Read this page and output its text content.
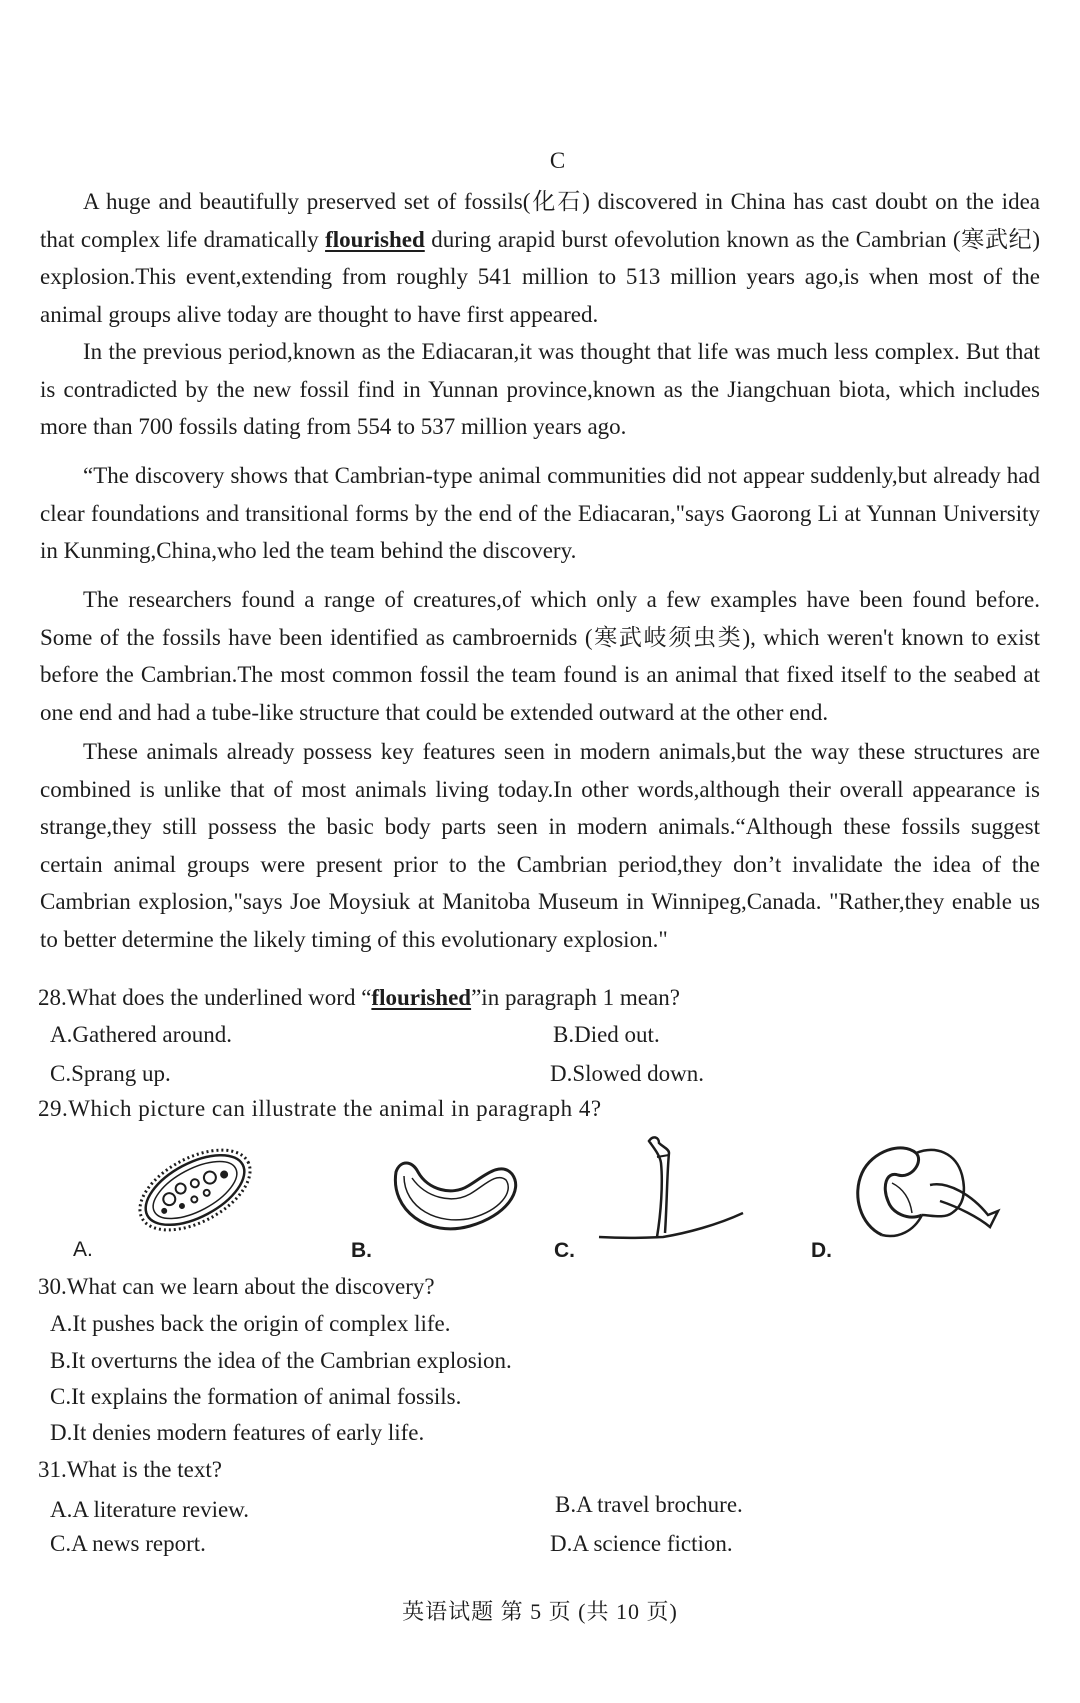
C
A huge and beautifully preserved set of fossils(化石) discovered in China has cast doubt on the idea that complex life dramatically flourished during arapid burst ofevolution known as the Cambrian (寒武纪) explosion.This event,extending from roughly 541 million to 513 million years ago,is when most of the animal groups alive today are thought to have first appeared.
In the previous period,known as the Ediacaran,it was thought that life was much less complex. But that is contradicted by the new fossil find in Yunnan province,known as the Jiangchuan biota, which includes more than 700 fossils dating from 554 to 537 million years ago.
“The discovery shows that Cambrian-type animal communities did not appear suddenly,but already had clear foundations and transitional forms by the end of the Ediacaran,"says Gaorong Li at Yunnan University in Kunming,China,who led the team behind the discovery.
The researchers found a range of creatures,of which only a few examples have been found before. Some of the fossils have been identified as cambroernids (寒武岐须虫类), which weren't known to exist before the Cambrian.The most common fossil the team found is an animal that fixed itself to the seabed at one end and had a tube-like structure that could be extended outward at the other end.
These animals already possess key features seen in modern animals,but the way these structures are combined is unlike that of most animals living today.In other words,although their overall appearance is strange,they still possess the basic body parts seen in modern animals.“Although these fossils suggest certain animal groups were present prior to the Cambrian period,they don’t invalidate the idea of the Cambrian explosion,"says Joe Moysiuk at Manitoba Museum in Winnipeg,Canada. "Rather,they enable us to better determine the likely timing of this evolutionary explosion."
28.What does the underlined word “flourished”in paragraph 1 mean?
A.Gathered around.	B.Died out.
C.Sprang up.	D.Slowed down.
29.Which picture can illustrate the animal in paragraph 4?
A.	B.	C.	D.
30.What can we learn about the discovery?
A.It pushes back the origin of complex life.
B.It overturns the idea of the Cambrian explosion.
C.It explains the formation of animal fossils.
D.It denies modern features of early life.
31.What is the text?
A.A literature review.	B.A travel brochure.
C.A news report.	D.A science fiction.
英语试题 第 5 页 (共 10 页)
